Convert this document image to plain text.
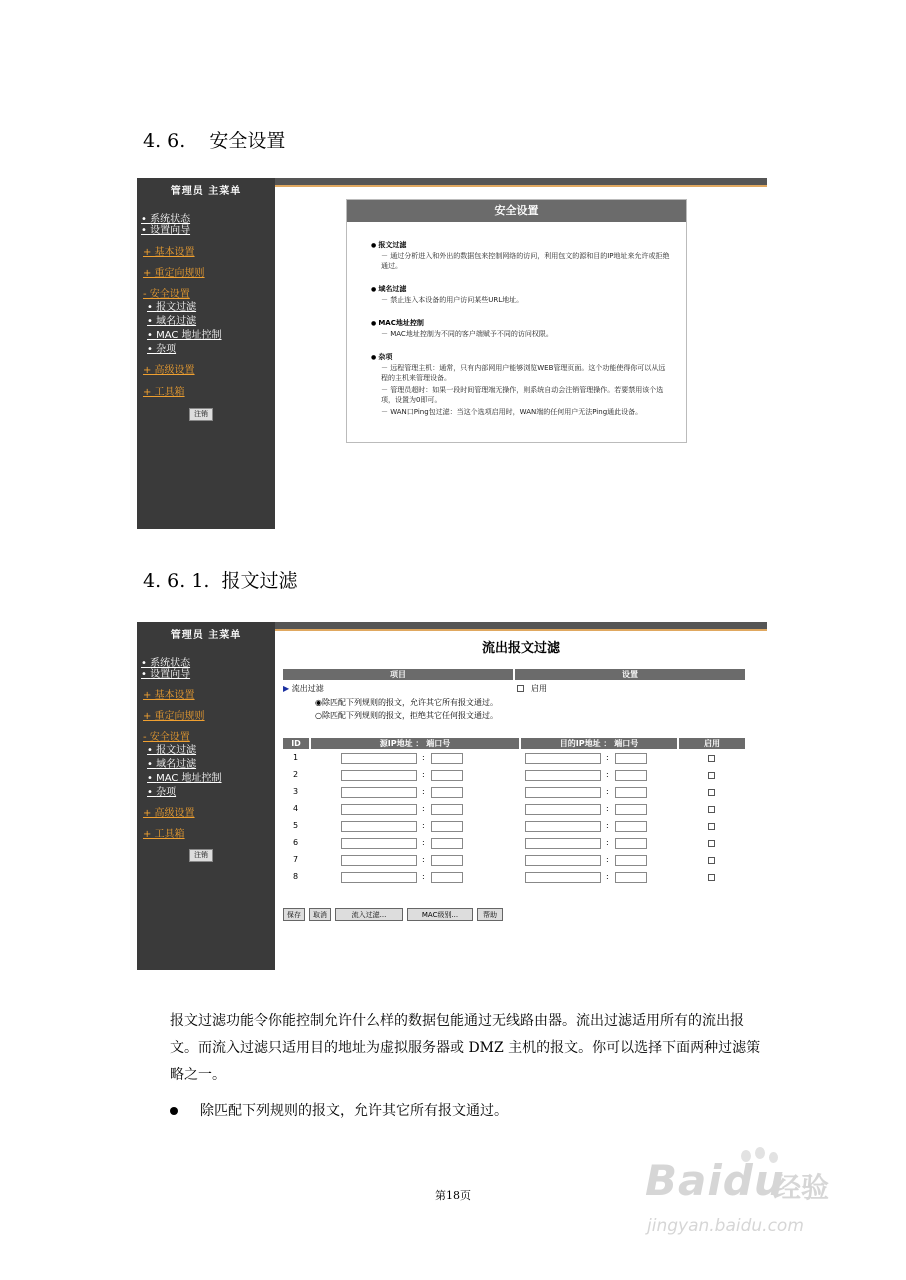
4. 6. 安全设置
管理员 主菜单
• 系统状态
• 设置向导
+ 基本设置
+ 重定向规则
- 安全设置
• 报文过滤
• 域名过滤
• MAC 地址控制
• 杂项
+ 高级设置
+ 工具箱
注销
安全设置
● 报文过滤
－ 通过分析进入和外出的数据包来控制网络的访问，利用包文的源和目的IP地址来允许或拒绝通过。
● 域名过滤
－ 禁止连入本设备的用户访问某些URL地址。
● MAC地址控制
－ MAC地址控制为不同的客户端赋予不同的访问权限。
● 杂项
－ 远程管理主机：通常，只有内部网用户能够浏览WEB管理页面。这个功能使得你可以从远程的主机来管理设备。
－ 管理员超时：如果一段时间管理端无操作，则系统自动会注销管理操作。若要禁用该个选项，设置为0即可。
－ WAN口Ping包过滤：当这个选项启用时，WAN端的任何用户无法Ping通此设备。
4. 6. 1. 报文过滤
管理员 主菜单
• 系统状态
• 设置向导
+ 基本设置
+ 重定向规则
- 安全设置
• 报文过滤
• 域名过滤
• MAC 地址控制
• 杂项
+ 高级设置
+ 工具箱
注销
流出报文过滤
项目	设置
▶ 流出过滤	启用
◉除匹配下列规则的报文，允许其它所有报文通过。
○除匹配下列规则的报文，拒绝其它任何报文通过。
ID	源IP地址 ： 端口号	目的IP地址 ： 端口号	启用
1	:	:
2	:	:
3	:	:
4	:	:
5	:	:
6	:	:
7	:	:
8	:	:
保存	取消	流入过滤...	MAC级别...	帮助
报文过滤功能令你能控制允许什么样的数据包能通过无线路由器。流出过滤适用所有的流出报文。而流入过滤只适用目的地址为虚拟服务器或 DMZ 主机的报文。你可以选择下面两种过滤策略之一。
除匹配下列规则的报文，允许其它所有报文通过。
第18页	Baidu
经验
jingyan.baidu.com
